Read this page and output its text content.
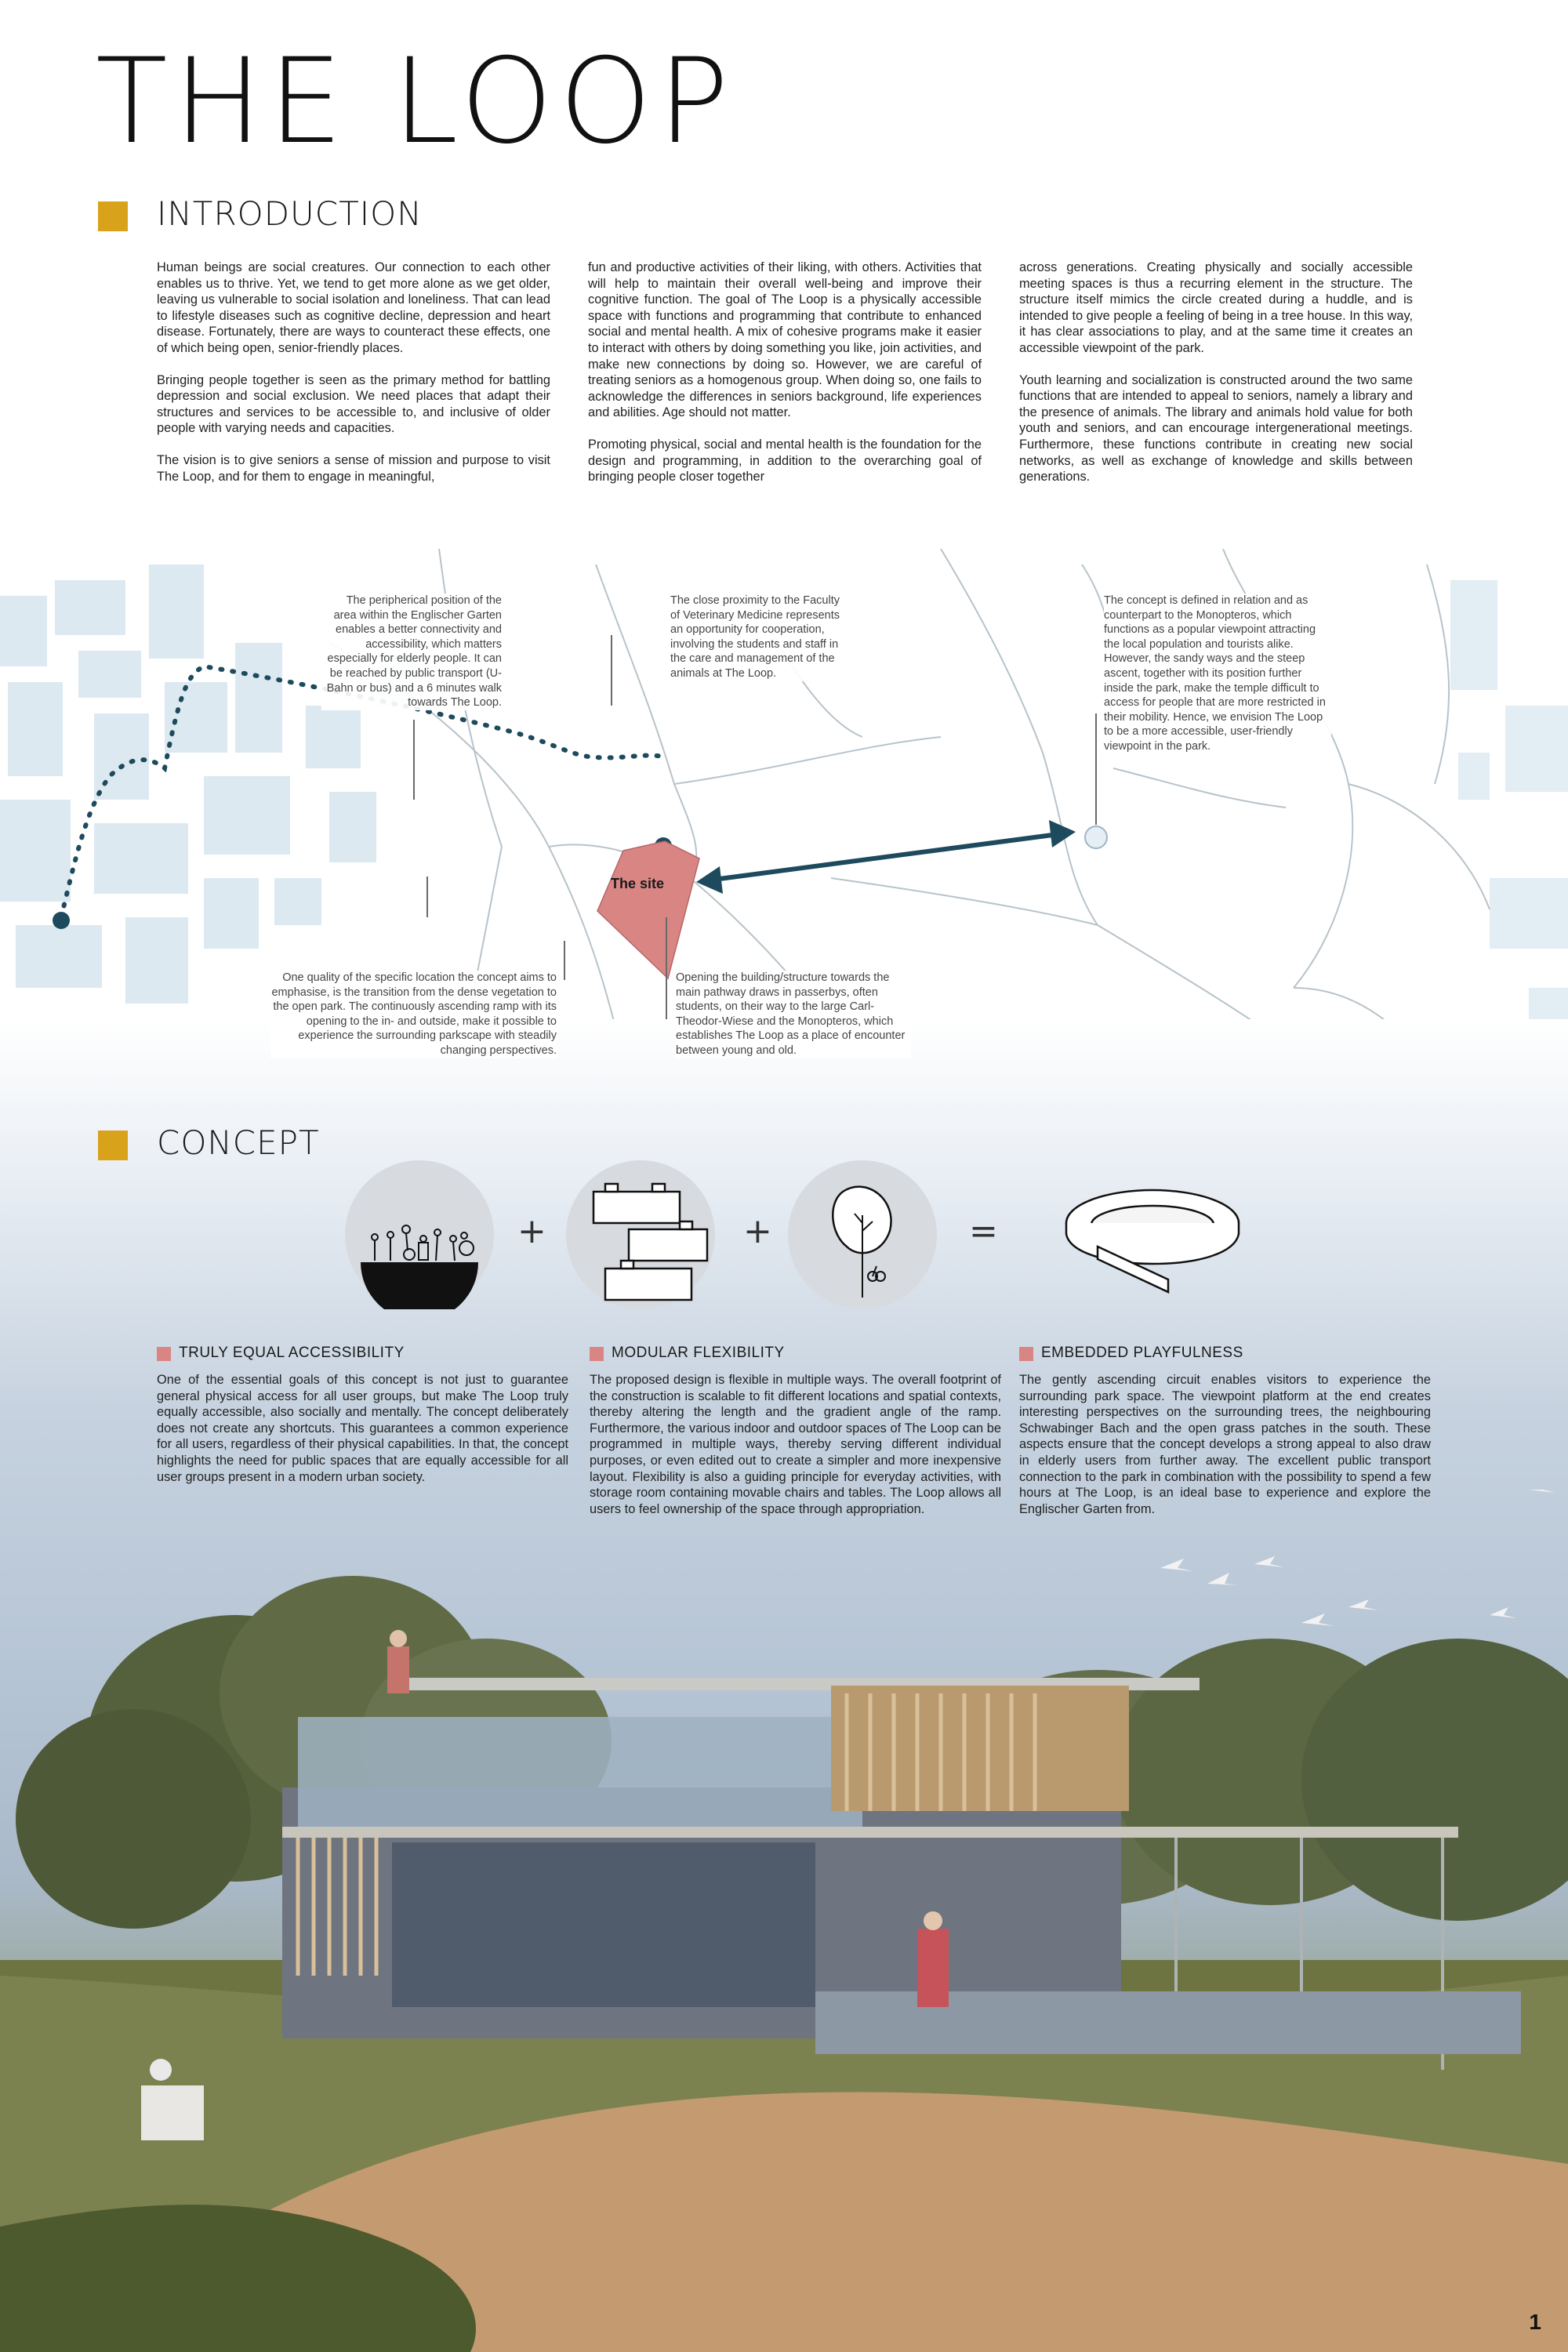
THE LOOP
INTRODUCTION

Human beings are social creatures. Our connection to each other enables us to thrive. Yet, we tend to get more alone as we get older, leaving us vulnerable to social isolation and loneliness. That can lead to lifestyle diseases such as cognitive decline, depression and heart disease. Fortunately, there are ways to counteract these effects, one of which being open, senior-friendly places.

Bringing people together is seen as the primary method for battling depression and social exclusion. We need places that adapt their structures and services to be accessible to, and inclusive of older people with varying needs and capacities.

The vision is to give seniors a sense of mission and purpose to visit The Loop, and for them to engage in meaningful,

fun and productive activities of their liking, with others. Activities that will help to maintain their overall well-being and improve their cognitive function. The goal of The Loop is a physically accessible space with functions and programming that contribute to enhanced social and mental health. A mix of cohesive programs make it easier to interact with others by doing something you like, join activities, and make new connections by doing so. However, we are careful of treating seniors as a homogenous group. When doing so, one fails to acknowledge the differences in seniors background, life experiences and abilities. Age should not matter.

Promoting physical, social and mental health is the foundation for the design and programming, in addition to the overarching goal of bringing people closer together

across generations. Creating physically and socially accessible meeting spaces is thus a recurring element in the structure. The structure itself mimics the circle created during a huddle, and is intended to give people a feeling of being in a tree house. In this way, it has clear associations to play, and at the same time it creates an accessible viewpoint of the park.

Youth learning and socialization is constructed around the two same functions that are intended to appeal to seniors, namely a library and the presence of animals. The library and animals hold value for both youth and seniors, and can encourage intergenerational meetings. Furthermore, these functions contribute in creating new social networks, as well as exchange of knowledge and skills between generations.

The peripherical position of the area within the Englischer Garten enables a better connectivity and accessibility, which matters especially for elderly people. It can be reached by public transport (U-Bahn or bus) and a 6 minutes walk towards The Loop.
The close proximity to the Faculty of Veterinary Medicine represents an opportunity for cooperation, involving the students and staff in the care and management of the animals at The Loop.
The concept is defined in relation and as counterpart to the Monopteros, which functions as a popular viewpoint attracting the local population and tourists alike. However, the sandy ways and the steep ascent, together with its position further inside the park, make the temple difficult to access for people that are more restricted in their mobility. Hence, we envision The Loop to be a more accessible, user-friendly viewpoint in the park.
One quality of the specific location the concept aims to emphasise, is the transition from the dense vegetation to the open park. The continuously ascending ramp with its opening to the in- and outside, make it possible to experience the surrounding parkscape with steadily changing perspectives.
Opening the building/structure towards the main pathway draws in passerbys, often students, on their way to the large Carl-Theodor-Wiese and the Monopteros, which establishes The Loop as a place of encounter between young and old.
The site
CONCEPT
+	+	=
TRULY EQUAL ACCESSIBILITY
One of the essential goals of this concept is not just to guarantee general physical access for all user groups, but make The Loop truly equally accessible, also socially and mentally. The concept deliberately does not create any shortcuts. This guarantees a common experience for all users, regardless of their physical capabilities. In that, the concept highlights the need for public spaces that are equally accessible for all user groups present in a modern urban society.
MODULAR FLEXIBILITY
The proposed design is flexible in multiple ways. The overall footprint of the construction is scalable to fit different locations and spatial contexts, thereby altering the length and the gradient angle of the ramp. Furthermore, the various indoor and outdoor spaces of The Loop can be programmed in multiple ways, thereby serving different individual purposes, or even edited out to create a simpler and more inexpensive layout. Flexibility is also a guiding principle for everyday activities, with storage room containing movable chairs and tables. The Loop allows all users to feel ownership of the space through appropriation.
EMBEDDED PLAYFULNESS
The gently ascending circuit enables visitors to experience the surrounding park space. The viewpoint platform at the end creates interesting perspectives on the surrounding trees, the neighbouring Schwabinger Bach and the open grass patches in the south. These aspects ensure that the concept develops a strong appeal to also draw in elderly users from further away. The excellent public transport connection to the park in combination with the possibility to spend a few hours at The Loop, is an ideal base to experience and explore the Englischer Garten from.
1
